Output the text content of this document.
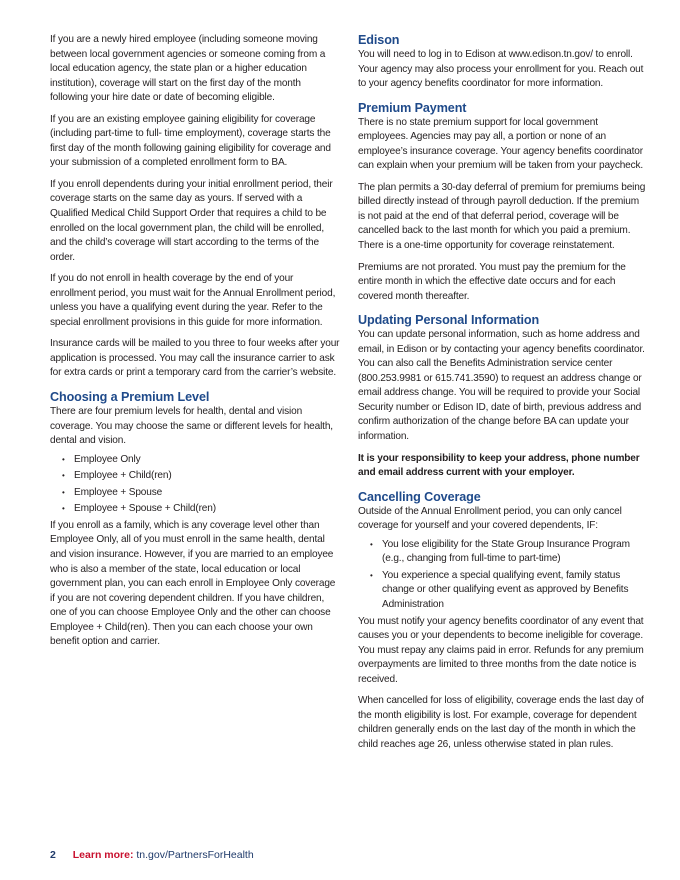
If you are a newly hired employee (including someone moving between local government agencies or someone coming from a local education agency, the state plan or a higher education institution), coverage will start on the first day of the month following your hire date or date of becoming eligible.

If you are an existing employee gaining eligibility for coverage (including part-time to full- time employment), coverage starts the first day of the month following gaining eligibility for coverage and your submission of a completed enrollment form to BA.

If you enroll dependents during your initial enrollment period, their coverage starts on the same day as yours. If served with a Qualified Medical Child Support Order that requires a child to be enrolled on the local government plan, the child will be enrolled, and the child’s coverage will start according to the terms of the order.

If you do not enroll in health coverage by the end of your enrollment period, you must wait for the Annual Enrollment period, unless you have a qualifying event during the year. Refer to the special enrollment provisions in this guide for more information.

Insurance cards will be mailed to you three to four weeks after your application is processed. You may call the insurance carrier to ask for extra cards or print a temporary card from the carrier’s website.

Choosing a Premium Level

There are four premium levels for health, dental and vision coverage. You may choose the same or different levels for health, dental and vision.

• Employee Only
• Employee + Child(ren)
• Employee + Spouse
• Employee + Spouse + Child(ren)

If you enroll as a family, which is any coverage level other than Employee Only, all of you must enroll in the same health, dental and vision insurance. However, if you are married to an employee who is also a member of the state, local education or local government plan, you can each enroll in Employee Only coverage if you are not covering dependent children. If you have children, one of you can choose Employee Only and the other can choose Employee + Child(ren). Then you can each choose your own benefit option and carrier.

Edison

You will need to log in to Edison at www.edison.tn.gov/ to enroll. Your agency may also process your enrollment for you. Reach out to your agency benefits coordinator for more information.

Premium Payment

There is no state premium support for local government employees. Agencies may pay all, a portion or none of an employee’s insurance coverage. Your agency benefits coordinator can explain when your premium will be taken from your paycheck.

The plan permits a 30-day deferral of premium for premiums being billed directly instead of through payroll deduction. If the premium is not paid at the end of that deferral period, coverage will be cancelled back to the last month for which you paid a premium. There is a one-time opportunity for coverage reinstatement.

Premiums are not prorated. You must pay the premium for the entire month in which the effective date occurs and for each covered month thereafter.

Updating Personal Information

You can update personal information, such as home address and email, in Edison or by contacting your agency benefits coordinator. You can also call the Benefits Administration service center (800.253.9981 or 615.741.3590) to request an address change or email address change. You will be required to provide your Social Security number or Edison ID, date of birth, previous address and confirm authorization of the change before BA can update your information.

It is your responsibility to keep your address, phone number and email address current with your employer.

Cancelling Coverage

Outside of the Annual Enrollment period, you can only cancel coverage for yourself and your covered dependents, IF:

• You lose eligibility for the State Group Insurance Program (e.g., changing from full-time to part-time)
• You experience a special qualifying event, family status change or other qualifying event as approved by Benefits Administration

You must notify your agency benefits coordinator of any event that causes you or your dependents to become ineligible for coverage. You must repay any claims paid in error. Refunds for any premium overpayments are limited to three months from the date notice is received.

When cancelled for loss of eligibility, coverage ends the last day of the month eligibility is lost. For example, coverage for dependent children generally ends on the last day of the month in which the child reaches age 26, unless otherwise stated in plan rules.

2 Learn more: tn.gov/PartnersForHealth
